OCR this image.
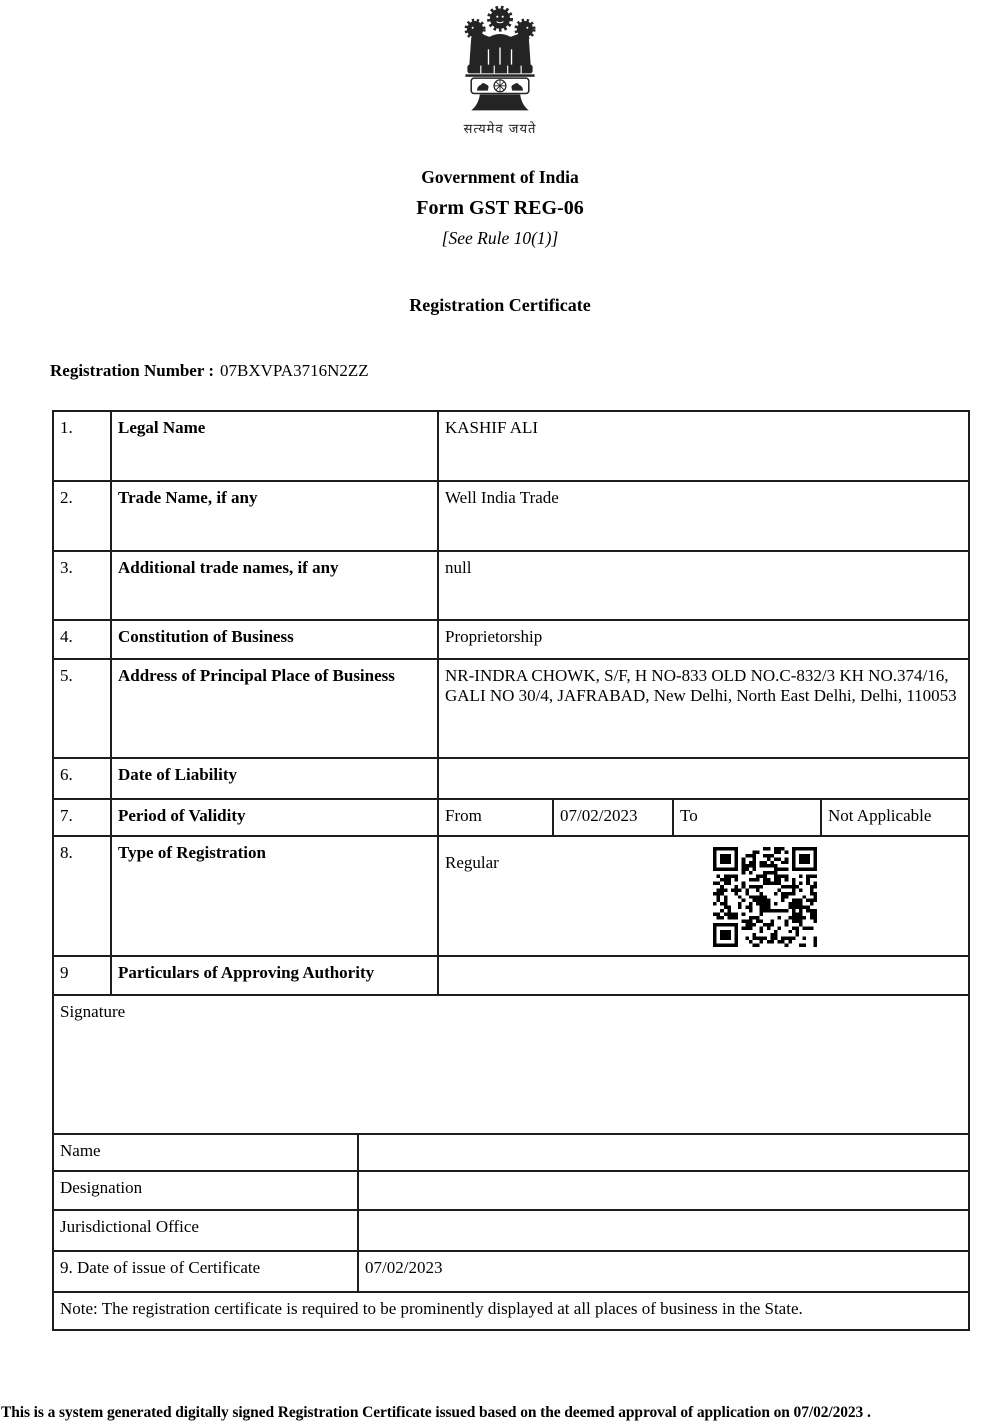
सत्यमेव जयते
Government of India
Form GST REG-06
[See Rule 10(1)]
Registration Certificate
Registration Number : 07BXVPA3716N2ZZ
1.	Legal Name		KASHIF ALI			
2.	Trade Name, if any		Well India Trade			
3.	Additional trade names, if any		null			
4.	Constitution of Business		Proprietorship			
5.	Address of Principal Place of Business		NR-INDRA CHOWK, S/F, H NO-833 OLD NO.C-832/3 KH NO.374/16, GALI NO 30/4, JAFRABAD, New Delhi, North East Delhi, Delhi, 110053			
6.	Date of Liability					
7.	Period of Validity		From	07/02/2023	To	Not Applicable
8.	Type of Registration		Regular			

9	Particulars of Approving Authority					
Signature						
Name						
Designation						
Jurisdictional Office						
9. Date of issue of Certificate		07/02/2023				
Note: The registration certificate is required to be prominently displayed at all places of business in the State.						
This is a system generated digitally signed Registration Certificate issued based on the deemed approval of application on 07/02/2023 .
